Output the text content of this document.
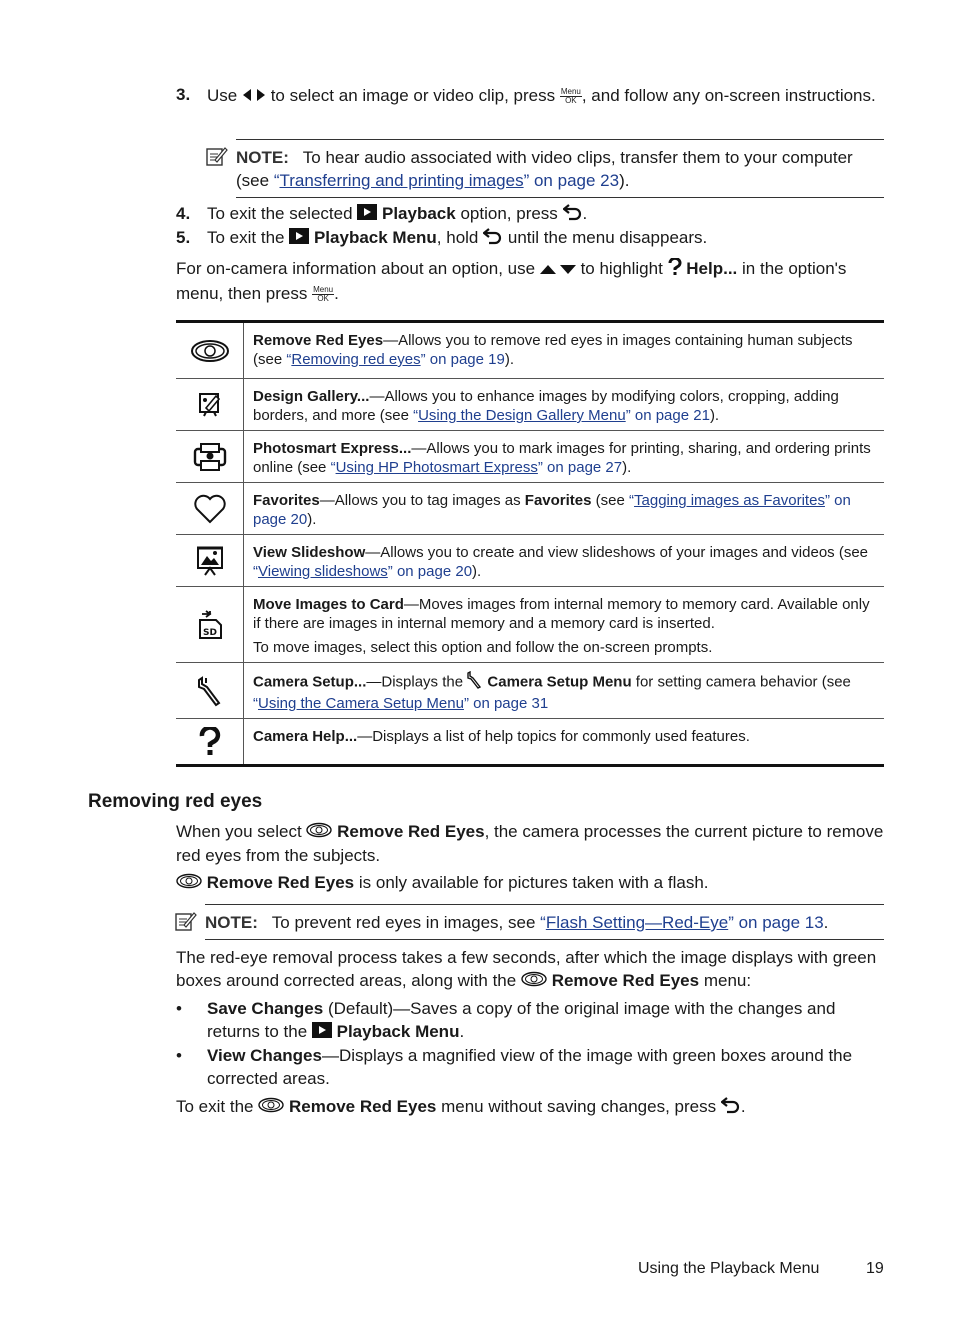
3. Use to select an image or video clip, press Menu
OK , and follow any on-screen instructions.
NOTE: To hear audio associated with video clips, transfer them to your computer (see “Transferring and printing images” on page 23).
4. To exit the selected Playback option, press .
5. To exit the Playback Menu, hold until the menu disappears.
For on-camera information about an option, use	to highlight Help... in the option's menu, then press Menu
OK .
Remove Red Eyes—Allows you to remove red eyes in images containing human subjects (see “Removing red eyes” on page 19).
Design Gallery...—Allows you to enhance images by modifying colors, cropping, adding borders, and more (see “Using the Design Gallery Menu” on page 21).
Photosmart Express...—Allows you to mark images for printing, sharing, and ordering prints online (see “Using HP Photosmart Express” on page 27).
Favorites—Allows you to tag images as Favorites (see “Tagging images as Favorites” on page 20).
View Slideshow—Allows you to create and view slideshows of your images and videos (see “Viewing slideshows” on page 20).
SD

Move Images to Card—Moves images from internal memory to memory card. Available only if there are images in internal memory and a memory card is inserted.

To move images, select this option and follow the on-screen prompts.

Camera Setup...—Displays the  Camera Setup Menu for setting camera behavior (see “Using the Camera Setup Menu” on page 31
Camera Help...—Displays a list of help topics for commonly used features.
Removing red eyes
When you select Remove Red Eyes, the camera processes the current picture to remove red eyes from the subjects.
Remove Red Eyes is only available for pictures taken with a flash.
NOTE: To prevent red eyes in images, see “Flash Setting—Red-Eye” on page 13.
The red-eye removal process takes a few seconds, after which the image displays with green boxes around corrected areas, along with the Remove Red Eyes menu:
• Save Changes (Default)—Saves a copy of the original image with the changes and returns to the  Playback Menu.
• View Changes—Displays a magnified view of the image with green boxes around the corrected areas.
To exit the Remove Red Eyes menu without saving changes, press .
Using the Playback Menu	19
